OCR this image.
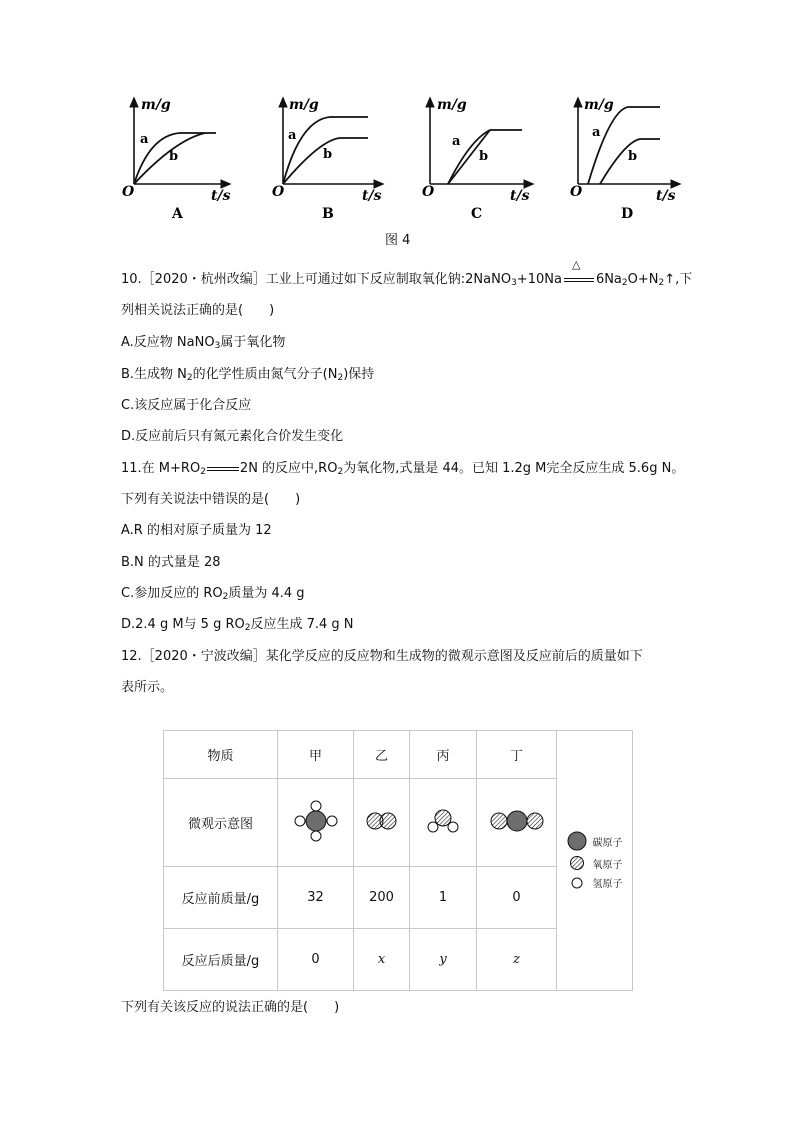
m/g
a
b
O	t/s
A
m/g
a
b
O	t/s
B
m/g
a
b
O	t/s
C
m/g
a
b
O	t/s
D
图 4
10.［2020・杭州改编］工业上可通过如下反应制取氧化钠:2NaNO$_3$+10Na
△
$6Na_2O+N_2↑$,下
列相关说法正确的是(　　)
A.反应物 NaNO$_3$属于氧化物
B.生成物 $N_2$的化学性质由氮气分子$(N_2)$保持
C.该反应属于化合反应
D.反应前后只有氮元素化合价发生变化
11.在 $M+RO_2$	2N 的反应中$,RO_2$为氧化物,式量是 44。已知 1.2g M完全反应生成 5.6g N。
下列有关说法中错误的是(　　)
A.R 的相对原子质量为 12
B.N 的式量是 28
C.参加反应的 $RO_2$质量为 4.4 g
D.2.4 g M与 5 g $RO_2$反应生成 7.4 g N
12.［2020・宁波改编］某化学反应的反应物和生成物的微观示意图及反应前后的质量如下
表所示。
物质	甲	乙	丙	丁	碳原子
氧原子
氢原子

微观示意图				
反应前质量/g	32	200	1	0	
反应后质量/g	0	x	y	z	
下列有关该反应的说法正确的是(　　)
